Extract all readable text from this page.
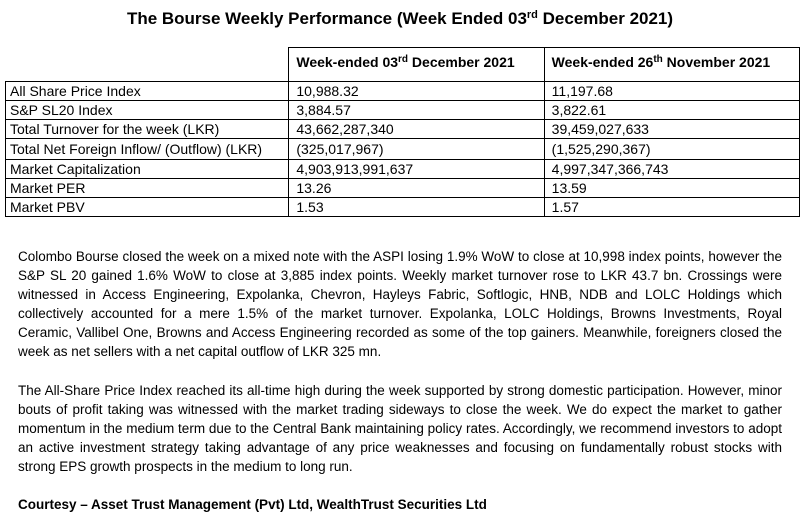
The Bourse Weekly Performance (Week Ended 03rd December 2021)
	Week-ended 03rd December 2021	Week-ended 26th November 2021
All Share Price Index	10,988.32	11,197.68
S&P SL20 Index	3,884.57	3,822.61
Total Turnover for the week (LKR)	43,662,287,340	39,459,027,633
Total Net Foreign Inflow/ (Outflow) (LKR)	(325,017,967)	(1,525,290,367)
Market Capitalization	4,903,913,991,637	4,997,347,366,743
Market PER	13.26	13.59
Market PBV	1.53	1.57

Colombo Bourse closed the week on a mixed note with the ASPI losing 1.9% WoW to close at 10,998 index points, however the S&P SL 20 gained 1.6% WoW to close at 3,885 index points. Weekly market turnover rose to LKR 43.7 bn. Crossings were witnessed in Access Engineering, Expolanka, Chevron, Hayleys Fabric, Softlogic, HNB, NDB and LOLC Holdings which collectively accounted for a mere 1.5% of the market turnover. Expolanka, LOLC Holdings, Browns Investments, Royal Ceramic, Vallibel One, Browns and Access Engineering recorded as some of the top gainers. Meanwhile, foreigners closed the week as net sellers with a net capital outflow of LKR 325 mn.

The All-Share Price Index reached its all-time high during the week supported by strong domestic participation. However, minor bouts of profit taking was witnessed with the market trading sideways to close the week. We do expect the market to gather momentum in the medium term due to the Central Bank maintaining policy rates. Accordingly, we recommend investors to adopt an active investment strategy taking advantage of any price weaknesses and focusing on fundamentally robust stocks with strong EPS growth prospects in the medium to long run.

Courtesy – Asset Trust Management (Pvt) Ltd, WealthTrust Securities Ltd
